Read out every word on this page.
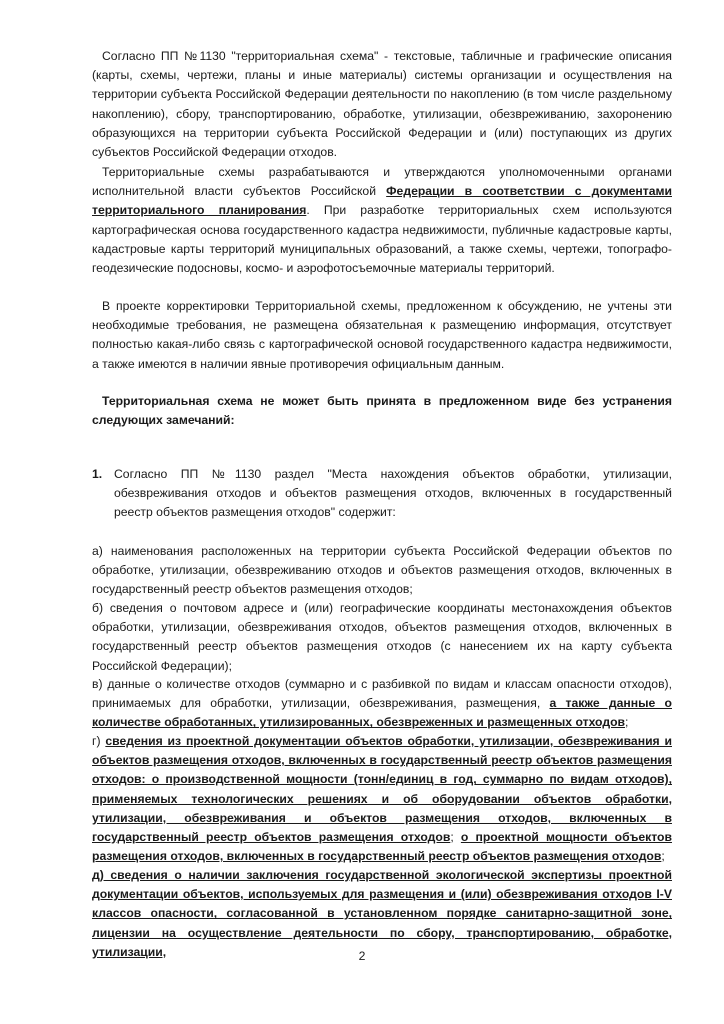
Согласно ПП №1130 "территориальная схема" - текстовые, табличные и графические описания (карты, схемы, чертежи, планы и иные материалы) системы организации и осуществления на территории субъекта Российской Федерации деятельности по накоплению (в том числе раздельному накоплению), сбору, транспортированию, обработке, утилизации, обезвреживанию, захоронению образующихся на территории субъекта Российской Федерации и (или) поступающих из других субъектов Российской Федерации отходов.

Территориальные схемы разрабатываются и утверждаются уполномоченными органами исполнительной власти субъектов Российской Федерации в соответствии с документами территориального планирования. При разработке территориальных схем используются картографическая основа государственного кадастра недвижимости, публичные кадастровые карты, кадастровые карты территорий муниципальных образований, а также схемы, чертежи, топографо-геодезические подосновы, космо- и аэрофотосъемочные материалы территорий.

В проекте корректировки Территориальной схемы, предложенном к обсуждению, не учтены эти необходимые требования, не размещена обязательная к размещению информация, отсутствует полностью какая-либо связь с картографической основой государственного кадастра недвижимости, а также имеются в наличии явные противоречия официальным данным.

Территориальная схема не может быть принята в предложенном виде без устранения следующих замечаний:

1. Согласно ПП №1130 раздел "Места нахождения объектов обработки, утилизации, обезвреживания отходов и объектов размещения отходов, включенных в государственный реестр объектов размещения отходов" содержит:

а) наименования расположенных на территории субъекта Российской Федерации объектов по обработке, утилизации, обезвреживанию отходов и объектов размещения отходов, включенных в государственный реестр объектов размещения отходов;

б) сведения о почтовом адресе и (или) географические координаты местонахождения объектов обработки, утилизации, обезвреживания отходов, объектов размещения отходов, включенных в государственный реестр объектов размещения отходов (с нанесением их на карту субъекта Российской Федерации);

в) данные о количестве отходов (суммарно и с разбивкой по видам и классам опасности отходов), принимаемых для обработки, утилизации, обезвреживания, размещения, а также данные о количестве обработанных, утилизированных, обезвреженных и размещенных отходов;

г) сведения из проектной документации объектов обработки, утилизации, обезвреживания и объектов размещения отходов, включенных в государственный реестр объектов размещения отходов: о производственной мощности (тонн/единиц в год, суммарно по видам отходов), применяемых технологических решениях и об оборудовании объектов обработки, утилизации, обезвреживания и объектов размещения отходов, включенных в государственный реестр объектов размещения отходов; о проектной мощности объектов размещения отходов, включенных в государственный реестр объектов размещения отходов;

д) сведения о наличии заключения государственной экологической экспертизы проектной документации объектов, используемых для размещения и (или) обезвреживания отходов I-V классов опасности, согласованной в установленном порядке санитарно-защитной зоне, лицензии на осуществление деятельности по сбору, транспортированию, обработке, утилизации,	2
